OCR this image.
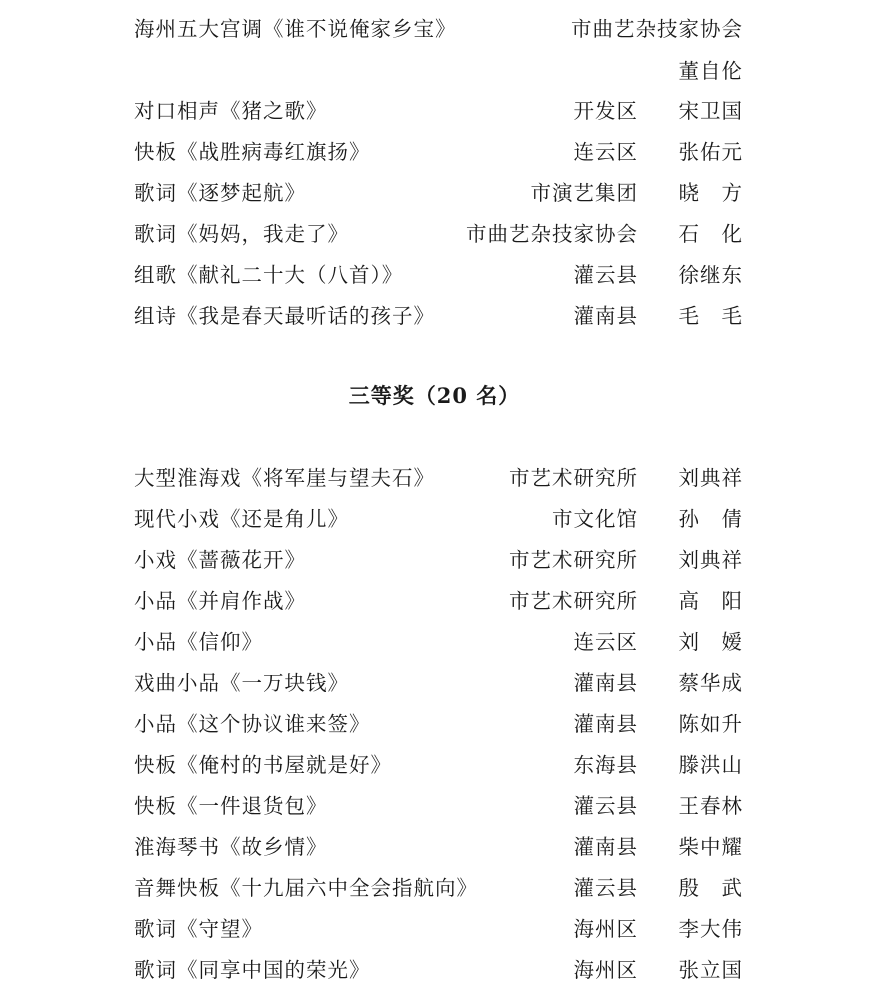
海州五大宫调《谁不说俺家乡宝》	市曲艺杂技家协会
董自伦
对口相声《猪之歌》	开发区 宋卫国
快板《战胜病毒红旗扬》	连云区 张佑元
歌词《逐梦起航》	市演艺集团 晓　方
歌词《妈妈，我走了》	市曲艺杂技家协会 石　化
组歌《献礼二十大（八首）》	灌云县 徐继东
组诗《我是春天最听话的孩子》	灌南县 毛　毛
三等奖（20 名）
大型淮海戏《将军崖与望夫石》	市艺术研究所 刘典祥
现代小戏《还是角儿》	市文化馆 孙　倩
小戏《蔷薇花开》	市艺术研究所 刘典祥
小品《并肩作战》	市艺术研究所 高　阳
小品《信仰》	连云区 刘　嫒
戏曲小品《一万块钱》	灌南县 蔡华成
小品《这个协议谁来签》	灌南县 陈如升
快板《俺村的书屋就是好》	东海县 滕洪山
快板《一件退货包》	灌云县 王春林
淮海琴书《故乡情》	灌南县 柴中耀
音舞快板《十九届六中全会指航向》	灌云县 殷　武
歌词《守望》	海州区 李大伟
歌词《同享中国的荣光》	海州区 张立国
